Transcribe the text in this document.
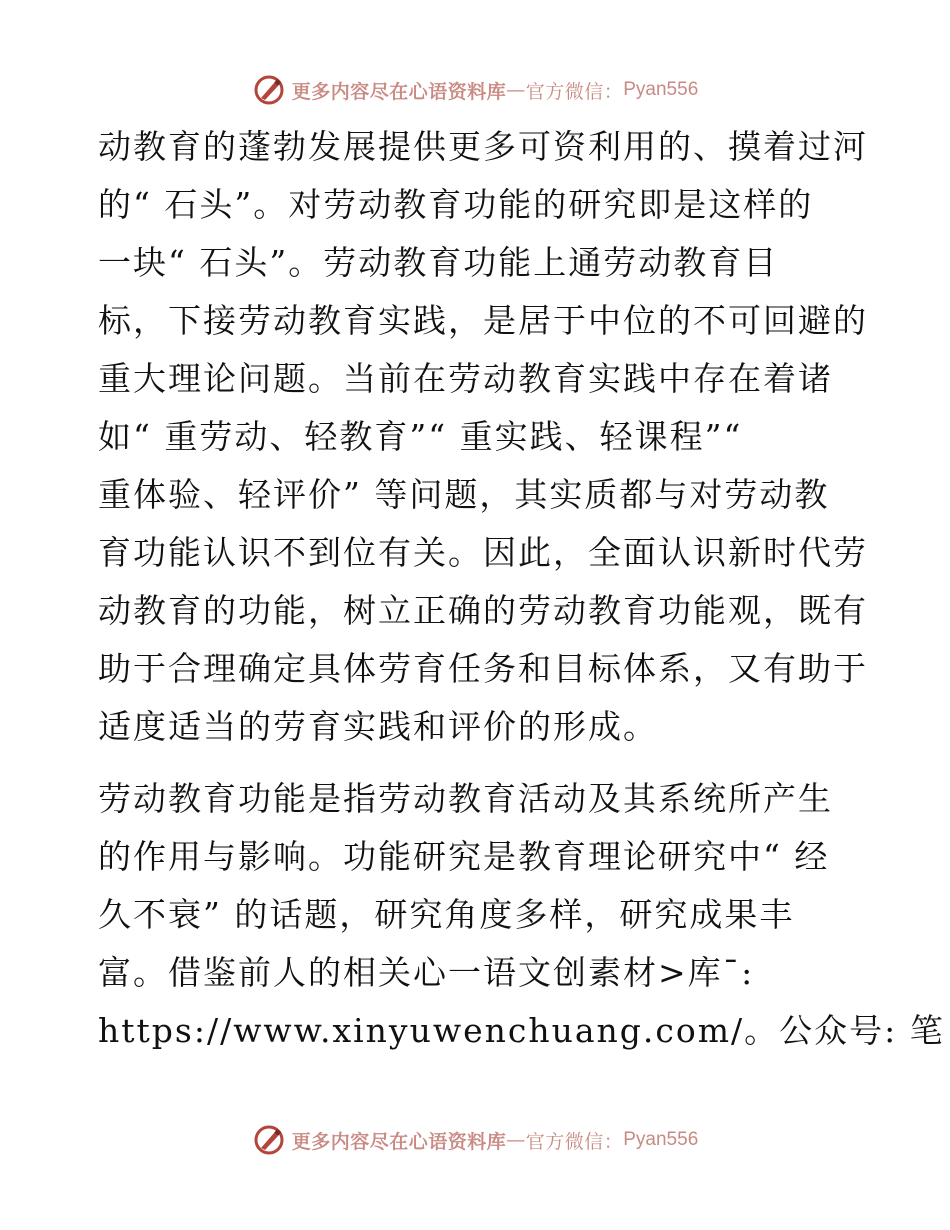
更多内容尽在心语资料库 — 官方微信： Pyan556
动教育的蓬勃发展提供更多可资利用的、摸着过河
的“ 石头”。对劳动教育功能的研究即是这样的
一块“ 石头”。劳动教育功能上通劳动教育目
标，下接劳动教育实践，是居于中位的不可回避的
重大理论问题。当前在劳动教育实践中存在着诸
如“ 重劳动、轻教育”“ 重实践、轻课程”“
重体验、轻评价” 等问题，其实质都与对劳动教
育功能认识不到位有关。因此，全面认识新时代劳
动教育的功能，树立正确的劳动教育功能观，既有
助于合理确定具体劳育任务和目标体系，又有助于
适度适当的劳育实践和评价的形成。
劳动教育功能是指劳动教育活动及其系统所产生
的作用与影响。功能研究是教育理论研究中“ 经
久不衰” 的话题，研究角度多样，研究成果丰
富。借鉴前人的相关心一语文创素材>库¯:
https://www.xinyuwenchuang.com/。公众号: 笔
更多内容尽在心语资料库 — 官方微信： Pyan556
